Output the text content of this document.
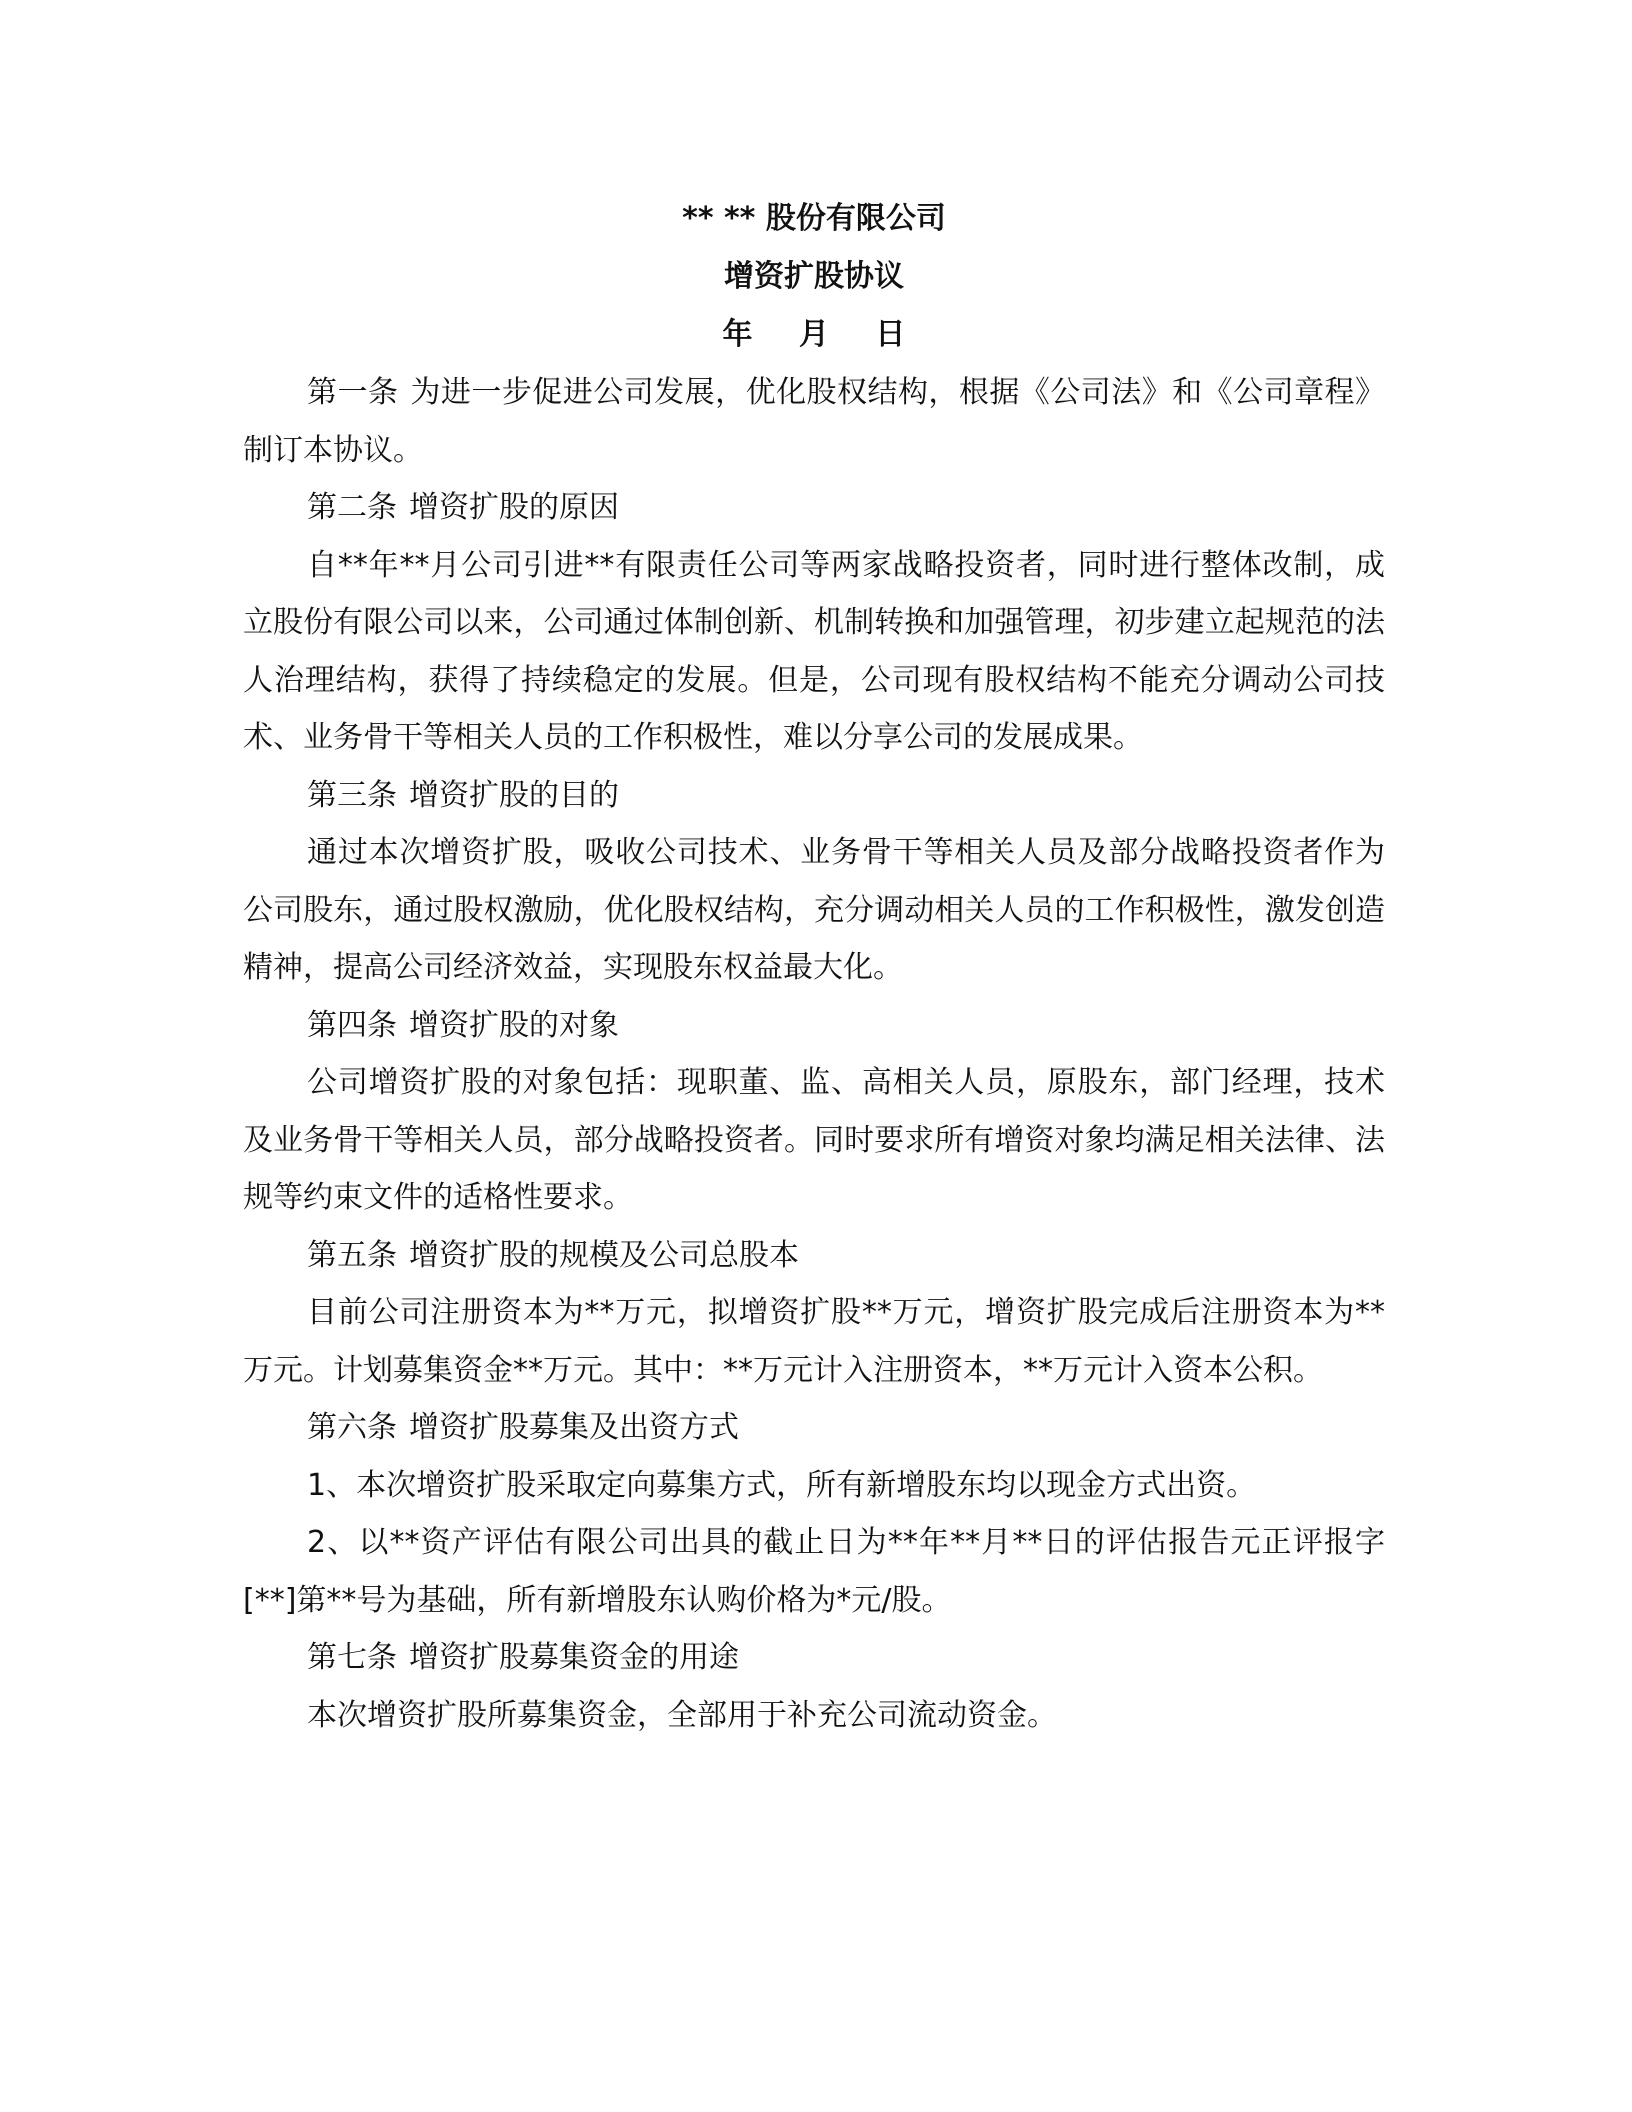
** ** 股份有限公司

增资扩股协议

年 月 日

第一条 为进一步促进公司发展，优化股权结构，根据《公司法》和《公司章程》制订本协议。

第二条 增资扩股的原因

自**年**月公司引进**有限责任公司等两家战略投资者，同时进行整体改制，成立股份有限公司以来，公司通过体制创新、机制转换和加强管理，初步建立起规范的法人治理结构，获得了持续稳定的发展。但是，公司现有股权结构不能充分调动公司技术、业务骨干等相关人员的工作积极性，难以分享公司的发展成果。

第三条 增资扩股的目的

通过本次增资扩股，吸收公司技术、业务骨干等相关人员及部分战略投资者作为公司股东，通过股权激励，优化股权结构，充分调动相关人员的工作积极性，激发创造精神，提高公司经济效益，实现股东权益最大化。

第四条 增资扩股的对象

公司增资扩股的对象包括：现职董、监、高相关人员，原股东，部门经理，技术及业务骨干等相关人员，部分战略投资者。同时要求所有增资对象均满足相关法律、法规等约束文件的适格性要求。

第五条 增资扩股的规模及公司总股本

目前公司注册资本为**万元，拟增资扩股**万元，增资扩股完成后注册资本为**万元。计划募集资金**万元。其中：**万元计入注册资本，**万元计入资本公积。

第六条 增资扩股募集及出资方式

1、本次增资扩股采取定向募集方式，所有新增股东均以现金方式出资。

2、以**资产评估有限公司出具的截止日为**年**月**日的评估报告元正评报字[**]第**号为基础，所有新增股东认购价格为*元/股。

第七条 增资扩股募集资金的用途

本次增资扩股所募集资金，全部用于补充公司流动资金。
